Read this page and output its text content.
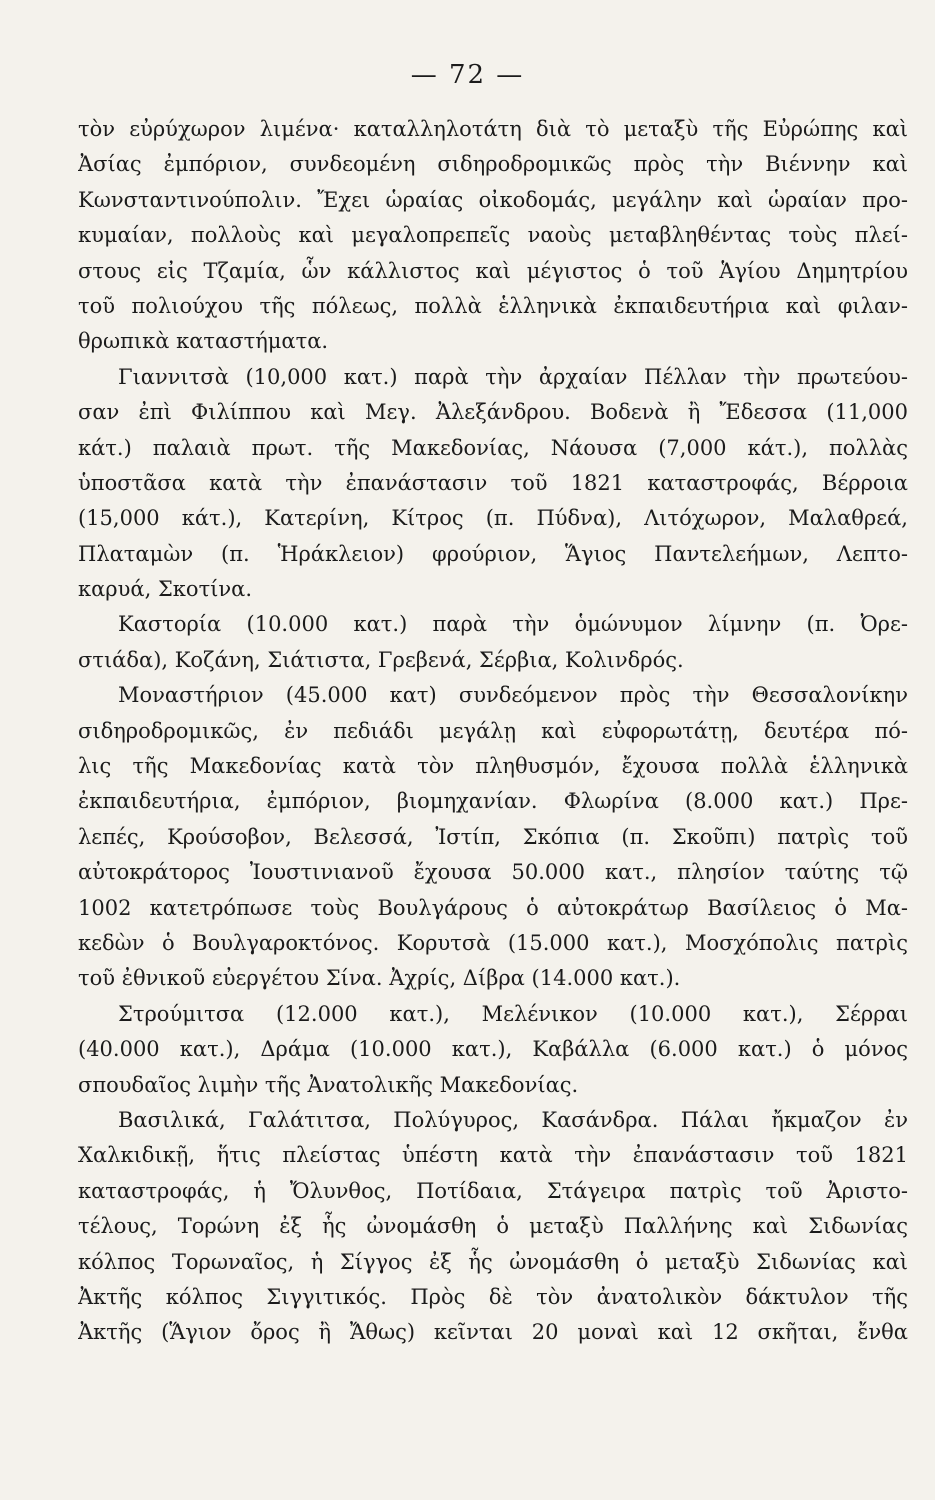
— 72 —
τὸν εὐρύχωρον λιμένα· καταλληλοτάτη διὰ τὸ μεταξὺ τῆς Εὐρώπης καὶ
Ἀσίας ἐμπόριον, συνδεομένη σιδηροδρομικῶς πρὸς τὴν Βιέννην καὶ
Κωνσταντινούπολιν. Ἔχει ὡραίας οἰκοδομάς, μεγάλην καὶ ὡραίαν προ-
κυμαίαν, πολλοὺς καὶ μεγαλοπρεπεῖς ναοὺς μεταβληθέντας τοὺς πλεί-
στους εἰς Τζαμία, ὧν κάλλιστος καὶ μέγιστος ὁ τοῦ Ἁγίου Δημητρίου
τοῦ πολιούχου τῆς πόλεως, πολλὰ ἑλληνικὰ ἐκπαιδευτήρια καὶ φιλαν-
θρωπικὰ καταστήματα.
Γιαννιτσὰ (10,000 κατ.) παρὰ τὴν ἀρχαίαν Πέλλαν τὴν πρωτεύου-
σαν ἐπὶ Φιλίππου καὶ Μεγ. Ἀλεξάνδρου. Βοδενὰ ἢ Ἔδεσσα (11,000
κάτ.) παλαιὰ πρωτ. τῆς Μακεδονίας, Νάουσα (7,000 κάτ.), πολλὰς
ὑποστᾶσα κατὰ τὴν ἐπανάστασιν τοῦ 1821 καταστροφάς, Βέρροια
(15,000 κάτ.), Κατερίνη, Κίτρος (π. Πύδνα), Λιτόχωρον, Μαλαθρεά,
Πλαταμὼν (π. Ἡράκλειον) φρούριον, Ἅγιος Παντελεήμων, Λεπτο-
καρυά, Σκοτίνα.
Καστορία (10.000 κατ.) παρὰ τὴν ὁμώνυμον λίμνην (π. Ὀρε-
στιάδα), Κοζάνη, Σιάτιστα, Γρεβενά, Σέρβια, Κολινδρός.
Μοναστήριον (45.000 κατ) συνδεόμενον πρὸς τὴν Θεσσαλονίκην
σιδηροδρομικῶς, ἐν πεδιάδι μεγάλῃ καὶ εὐφορωτάτῃ, δευτέρα πό-
λις τῆς Μακεδονίας κατὰ τὸν πληθυσμόν, ἔχουσα πολλὰ ἑλληνικὰ
ἐκπαιδευτήρια, ἐμπόριον, βιομηχανίαν. Φλωρίνα (8.000 κατ.) Πρε-
λεπές, Κρούσοβον, Βελεσσά, Ἰστίπ, Σκόπια (π. Σκοῦπι) πατρὶς τοῦ
αὐτοκράτορος Ἰουστινιανοῦ ἔχουσα 50.000 κατ., πλησίον ταύτης τῷ
1002 κατετρόπωσε τοὺς Βουλγάρους ὁ αὐτοκράτωρ Βασίλειος ὁ Μα-
κεδὼν ὁ Βουλγαροκτόνος. Κορυτσὰ (15.000 κατ.), Μοσχόπολις πατρὶς
τοῦ ἐθνικοῦ εὐεργέτου Σίνα. Ἀχρίς, Δίβρα (14.000 κατ.).
Στρούμιτσα (12.000 κατ.), Μελένικον (10.000 κατ.), Σέρραι
(40.000 κατ.), Δράμα (10.000 κατ.), Καβάλλα (6.000 κατ.) ὁ μόνος
σπουδαῖος λιμὴν τῆς Ἀνατολικῆς Μακεδονίας.
Βασιλικά, Γαλάτιτσα, Πολύγυρος, Κασάνδρα. Πάλαι ἤκμαζον ἐν
Χαλκιδικῇ, ἥτις πλείστας ὑπέστη κατὰ τὴν ἐπανάστασιν τοῦ 1821
καταστροφάς, ἡ Ὄλυνθος, Ποτίδαια, Στάγειρα πατρὶς τοῦ Ἀριστο-
τέλους, Τορώνη ἐξ ἧς ὠνομάσθη ὁ μεταξὺ Παλλήνης καὶ Σιδωνίας
κόλπος Τορωναῖος, ἡ Σίγγος ἐξ ἧς ὠνομάσθη ὁ μεταξὺ Σιδωνίας καὶ
Ἀκτῆς κόλπος Σιγγιτικός. Πρὸς δὲ τὸν ἀνατολικὸν δάκτυλον τῆς
Ἀκτῆς (Ἅγιον ὄρος ἢ Ἄθως) κεῖνται 20 μοναὶ καὶ 12 σκῆται, ἔνθα
